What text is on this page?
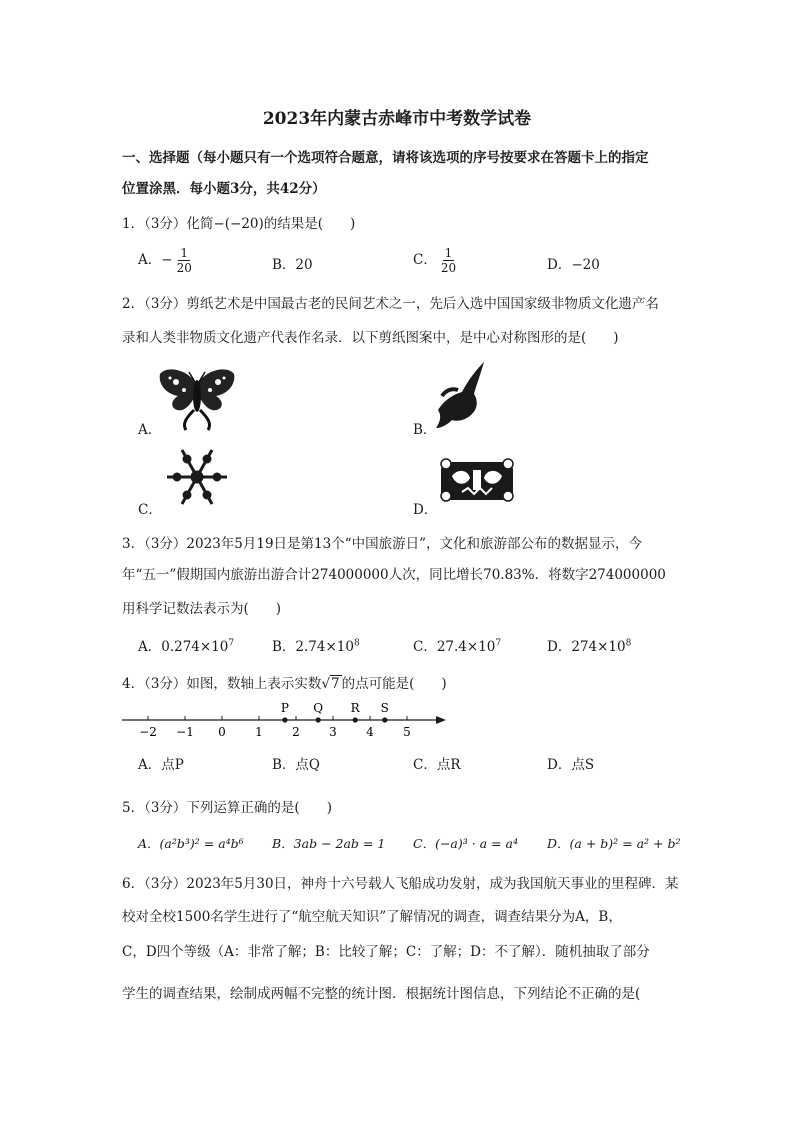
2023年内蒙古赤峰市中考数学试卷
一、选择题（每小题只有一个选项符合题意，请将该选项的序号按要求在答题卡上的指定
位置涂黑．每小题3分，共42分）
1．（3分）化简−(−20)的结果是(　　)
A．− $\frac{1}{20}$	B．20	C． $\frac{1}{20}$	D．−20
2．（3分）剪纸艺术是中国最古老的民间艺术之一，先后入选中国国家级非物质文化遗产名
录和人类非物质文化遗产代表作名录．以下剪纸图案中，是中心对称图形的是(　　)
A．	B．
C．	D．
3．（3分）2023年5月19日是第13个“中国旅游日”，文化和旅游部公布的数据显示，今
年“五一”假期国内旅游出游合计274000000人次，同比增长70.83%．将数字274000000
用科学记数法表示为(　　)
A．$0.274\times 10^7$	B．$2.74\times 10^8$	C．$27.4\times 10^7$	D．$274\times 10^8$
4．（3分）如图，数轴上表示实数√7 的点可能是(　　)
−2 −1 0 1 2 3 4 5
P Q R S
A．点P	B．点Q	C．点R	D．点S
5．（3分）下列运算正确的是(　　)
A．(a²b³)² = a⁴b⁶ B．3ab − 2ab = 1 C．(−a)³ · a = a⁴ D．(a + b)² = a² + b²
6．（3分）2023年5月30日，神舟十六号载人飞船成功发射，成为我国航天事业的里程碑．某
校对全校1500名学生进行了“航空航天知识”了解情况的调查，调查结果分为A，B，
C，D四个等级（A：非常了解；B：比较了解；C：了解；D：不了解）．随机抽取了部分
学生的调查结果，绘制成两幅不完整的统计图．根据统计图信息，下列结论不正确的是(
